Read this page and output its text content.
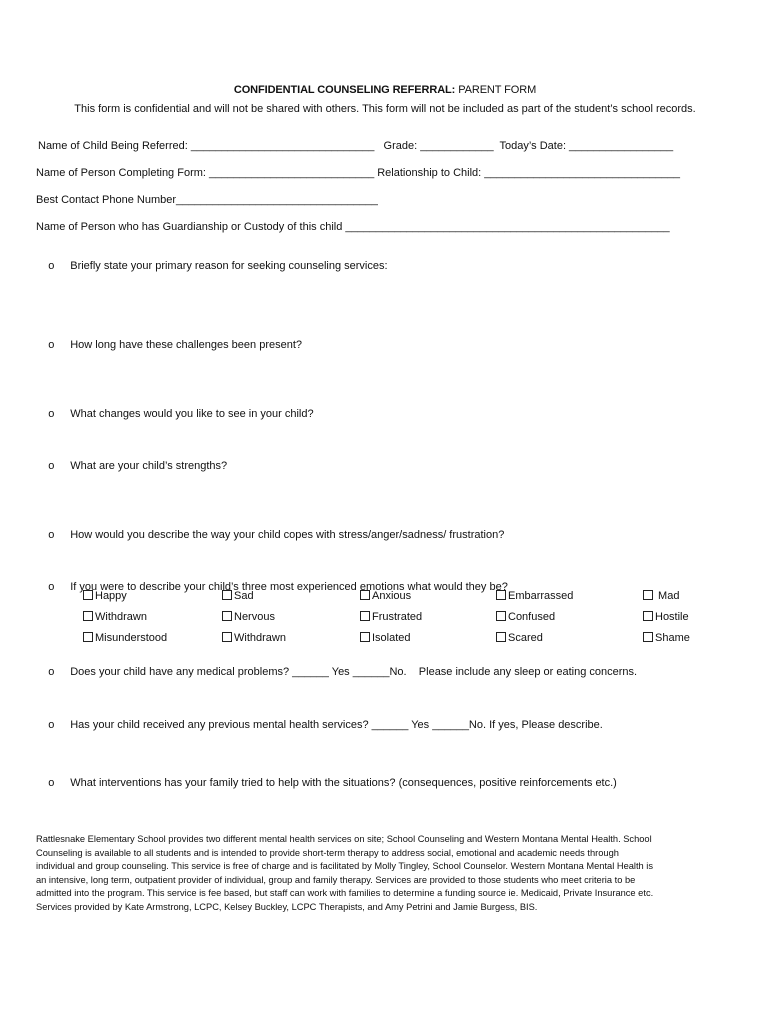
CONFIDENTIAL COUNSELING REFERRAL: PARENT FORM
This form is confidential and will not be shared with others. This form will not be included as part of the student’s school records.
Name of Child Being Referred: ______________________________   Grade: ____________  Today’s Date: _________________
Name of Person Completing Form: ___________________________ Relationship to Child: ________________________________
Best Contact Phone Number_________________________________
Name of Person who has Guardianship or Custody of this child _____________________________________________________

o Briefly state your primary reason for seeking counseling services:

o How long have these challenges been present?

o What changes would you like to see in your child?

o What are your child’s strengths?

o How would you describe the way your child copes with stress/anger/sadness/ frustration?

o If you were to describe your child’s three most experienced emotions what would they be?

Happy	Sad	Anxious	Embarrassed	Mad
Withdrawn	Nervous	Frustrated	Confused	Hostile
Misunderstood	Withdrawn	Isolated	Scared	Shame

o Does your child have any medical problems? ______ Yes ______No.    Please include any sleep or eating concerns.

o Has your child received any previous mental health services? ______ Yes ______No. If yes, Please describe.

o What interventions has your family tried to help with the situations? (consequences, positive reinforcements etc.)

Rattlesnake Elementary School provides two different mental health services on site; School Counseling and Western Montana Mental Health. School
Counseling is available to all students and is intended to provide short-term therapy to address social, emotional and academic needs through
individual and group counseling. This service is free of charge and is facilitated by Molly Tingley, School Counselor. Western Montana Mental Health is
an intensive, long term, outpatient provider of individual, group and family therapy. Services are provided to those students who meet criteria to be
admitted into the program. This service is fee based, but staff can work with families to determine a funding source ie. Medicaid, Private Insurance etc.
Services provided by Kate Armstrong, LCPC, Kelsey Buckley, LCPC Therapists, and Amy Petrini and Jamie Burgess, BIS.
